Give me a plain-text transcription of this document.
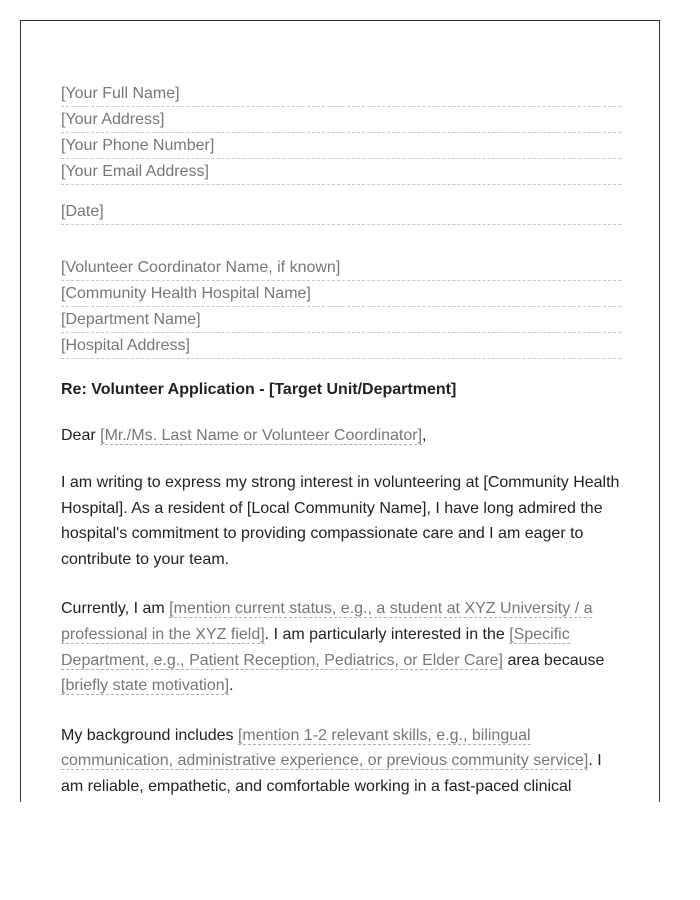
[Your Full Name]
[Your Address]
[Your Phone Number]
[Your Email Address]
[Date]
[Volunteer Coordinator Name, if known]
[Community Health Hospital Name]
[Department Name]
[Hospital Address]
Re: Volunteer Application - [Target Unit/Department]
Dear [Mr./Ms. Last Name or Volunteer Coordinator],
I am writing to express my strong interest in volunteering at [Community Health Hospital]. As a resident of [Local Community Name], I have long admired the hospital's commitment to providing compassionate care and I am eager to contribute to your team.
Currently, I am [mention current status, e.g., a student at XYZ University / a professional in the XYZ field]. I am particularly interested in the [Specific Department, e.g., Patient Reception, Pediatrics, or Elder Care] area because [briefly state motivation].
My background includes [mention 1-2 relevant skills, e.g., bilingual communication, administrative experience, or previous community service]. I am reliable, empathetic, and comfortable working in a fast-paced clinical
